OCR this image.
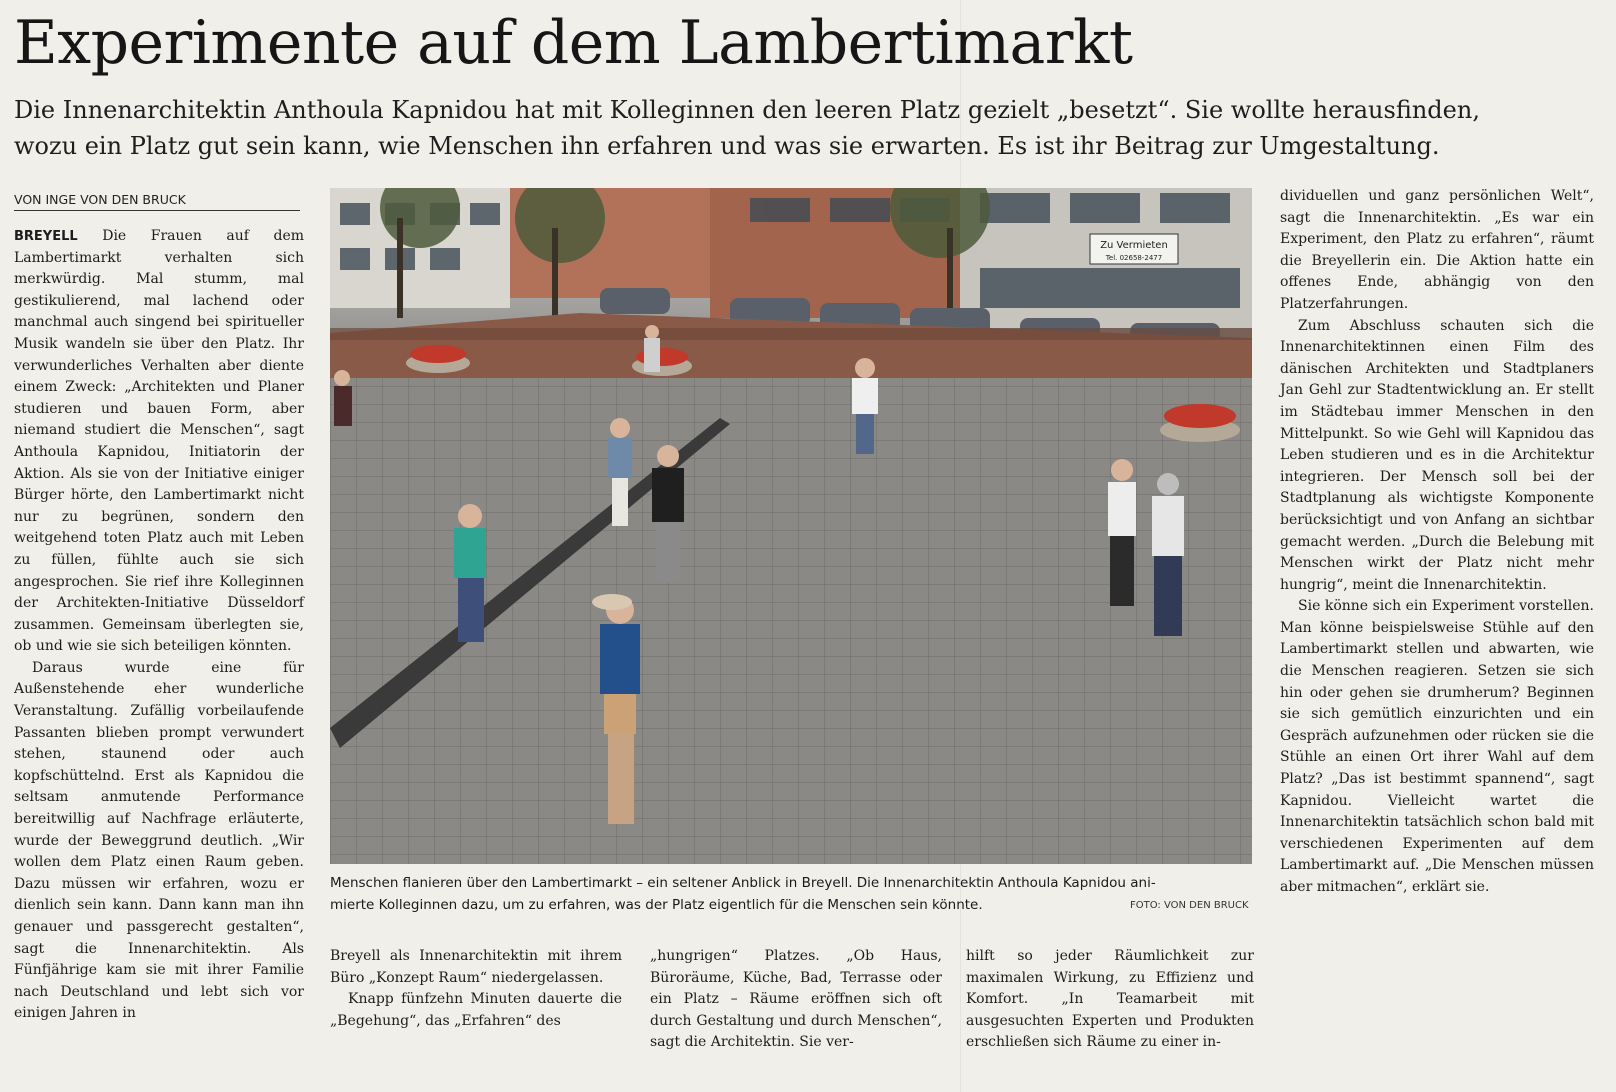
Experimente auf dem Lambertimarkt

Die Innenarchitektin Anthoula Kapnidou hat mit Kolleginnen den leeren Platz gezielt „besetzt“. Sie wollte herausfinden,

wozu ein Platz gut sein kann, wie Menschen ihn erfahren und was sie erwarten. Es ist ihr Beitrag zur Umgestaltung.

VON INGE VON DEN BRUCK

BREYELL Die Frauen auf dem Lambertimarkt verhalten sich merkwürdig. Mal stumm, mal gestikulierend, mal lachend oder manchmal auch singend bei spiritueller Musik wandeln sie über den Platz. Ihr verwunderliches Verhalten aber diente einem Zweck: „Architekten und Planer studieren und bauen Form, aber niemand studiert die Menschen“, sagt Anthoula Kapnidou, Initiatorin der Aktion. Als sie von der Initiative einiger Bürger hörte, den Lambertimarkt nicht nur zu begrünen, sondern den weitgehend toten Platz auch mit Leben zu füllen, fühlte auch sie sich angesprochen. Sie rief ihre Kolleginnen der Architekten-Initiative Düsseldorf zusammen. Gemeinsam überlegten sie, ob und wie sie sich beteiligen könnten.

Daraus wurde eine für Außenstehende eher wunderliche Veranstaltung. Zufällig vorbeilaufende Passanten blieben prompt verwundert stehen, staunend oder auch kopfschüttelnd. Erst als Kapnidou die seltsam anmutende Performance bereitwillig auf Nachfrage erläuterte, wurde der Beweggrund deutlich. „Wir wollen dem Platz einen Raum geben. Dazu müssen wir erfahren, wozu er dienlich sein kann. Dann kann man ihn genauer und passgerecht gestalten“, sagt die Innenarchitektin. Als Fünfjährige kam sie mit ihrer Familie nach Deutschland und lebt sich vor einigen Jahren in

Zu Vermieten
Tel. 02658-2477

Menschen flanieren über den Lambertimarkt – ein seltener Anblick in Breyell. Die Innenarchitektin Anthoula Kapnidou ani-

mierte Kolleginnen dazu, um zu erfahren, was der Platz eigentlich für die Menschen sein könnte.	FOTO: VON DEN BRUCK

Breyell als Innenarchitektin mit ihrem Büro „Konzept Raum“ niedergelassen.

Knapp fünfzehn Minuten dauerte die „Begehung“, das „Erfahren“ des

„hungrigen“ Platzes. „Ob Haus, Büroräume, Küche, Bad, Terrasse oder ein Platz – Räume eröffnen sich oft durch Gestaltung und durch Menschen“, sagt die Architektin. Sie ver-

hilft so jeder Räumlichkeit zur maximalen Wirkung, zu Effizienz und Komfort. „In Teamarbeit mit ausgesuchten Experten und Produkten erschließen sich Räume zu einer in-

dividuellen und ganz persönlichen Welt“, sagt die Innenarchitektin. „Es war ein Experiment, den Platz zu erfahren“, räumt die Breyellerin ein. Die Aktion hatte ein offenes Ende, abhängig von den Platzerfahrungen.

Zum Abschluss schauten sich die Innenarchitektinnen einen Film des dänischen Architekten und Stadtplaners Jan Gehl zur Stadtentwicklung an. Er stellt im Städtebau immer Menschen in den Mittelpunkt. So wie Gehl will Kapnidou das Leben studieren und es in die Architektur integrieren. Der Mensch soll bei der Stadtplanung als wichtigste Komponente berücksichtigt und von Anfang an sichtbar gemacht werden. „Durch die Belebung mit Menschen wirkt der Platz nicht mehr hungrig“, meint die Innenarchitektin.

Sie könne sich ein Experiment vorstellen. Man könne beispielsweise Stühle auf den Lambertimarkt stellen und abwarten, wie die Menschen reagieren. Setzen sie sich hin oder gehen sie drumherum? Beginnen sie sich gemütlich einzurichten und ein Gespräch aufzunehmen oder rücken sie die Stühle an einen Ort ihrer Wahl auf dem Platz? „Das ist bestimmt spannend“, sagt Kapnidou. Vielleicht wartet die Innenarchitektin tatsächlich schon bald mit verschiedenen Experimenten auf dem Lambertimarkt auf. „Die Menschen müssen aber mitmachen“, erklärt sie.
